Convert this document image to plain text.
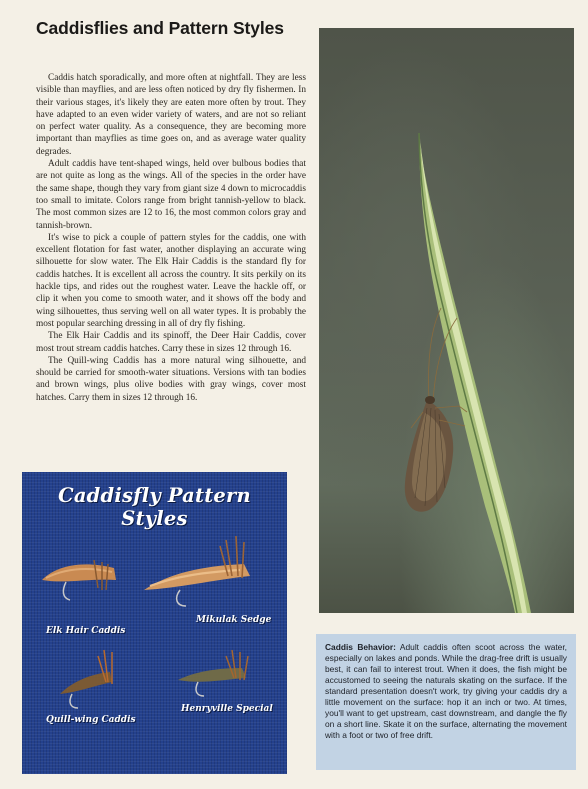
Caddisflies and Pattern Styles

Caddis hatch sporadically, and more often at nightfall. They are less visible than mayflies, and are less often noticed by dry fly fishermen. In their various stages, it's likely they are eaten more often by trout. They have adapted to an even wider variety of waters, and are not so reliant on perfect water quality. As a consequence, they are becoming more important than mayflies as time goes on, and as average water quality degrades.

Adult caddis have tent-shaped wings, held over bulbous bodies that are not quite as long as the wings. All of the species in the order have the same shape, though they vary from giant size 4 down to microcaddis too small to imitate. Colors range from bright tannish-yellow to black. The most common sizes are 12 to 16, the most common colors gray and tannish-brown.

It's wise to pick a couple of pattern styles for the caddis, one with excellent flotation for fast water, another displaying an accurate wing silhouette for slow water. The Elk Hair Caddis is the standard fly for caddis hatches. It is excellent all across the country. It sits perkily on its hackle tips, and rides out the roughest water. Leave the hackle off, or clip it when you come to smooth water, and it shows off the body and wing silhouettes, thus serving well on all water types. It is probably the most popular searching dressing in all of dry fly fishing.

The Elk Hair Caddis and its spinoff, the Deer Hair Caddis, cover most trout stream caddis hatches. Carry these in sizes 12 through 16.

The Quill-wing Caddis has a more natural wing silhouette, and should be carried for smooth-water situations. Versions with tan bodies and brown wings, plus olive bodies with gray wings, cover most hatches. Carry them in sizes 12 through 16.

Caddisfly Pattern Styles
Elk Hair Caddis
Mikulak Sedge
Quill-wing Caddis
Henryville Special
Caddis Behavior: Adult caddis often scoot across the water, especially on lakes and ponds. While the drag-free drift is usually best, it can fail to interest trout. When it does, the fish might be accustomed to seeing the naturals skating on the surface. If the standard presentation doesn't work, try giving your caddis dry a little movement on the surface: hop it an inch or two. At times, you'll want to get upstream, cast downstream, and dangle the fly on a short line. Skate it on the surface, alternating the movement with a foot or two of free drift.
